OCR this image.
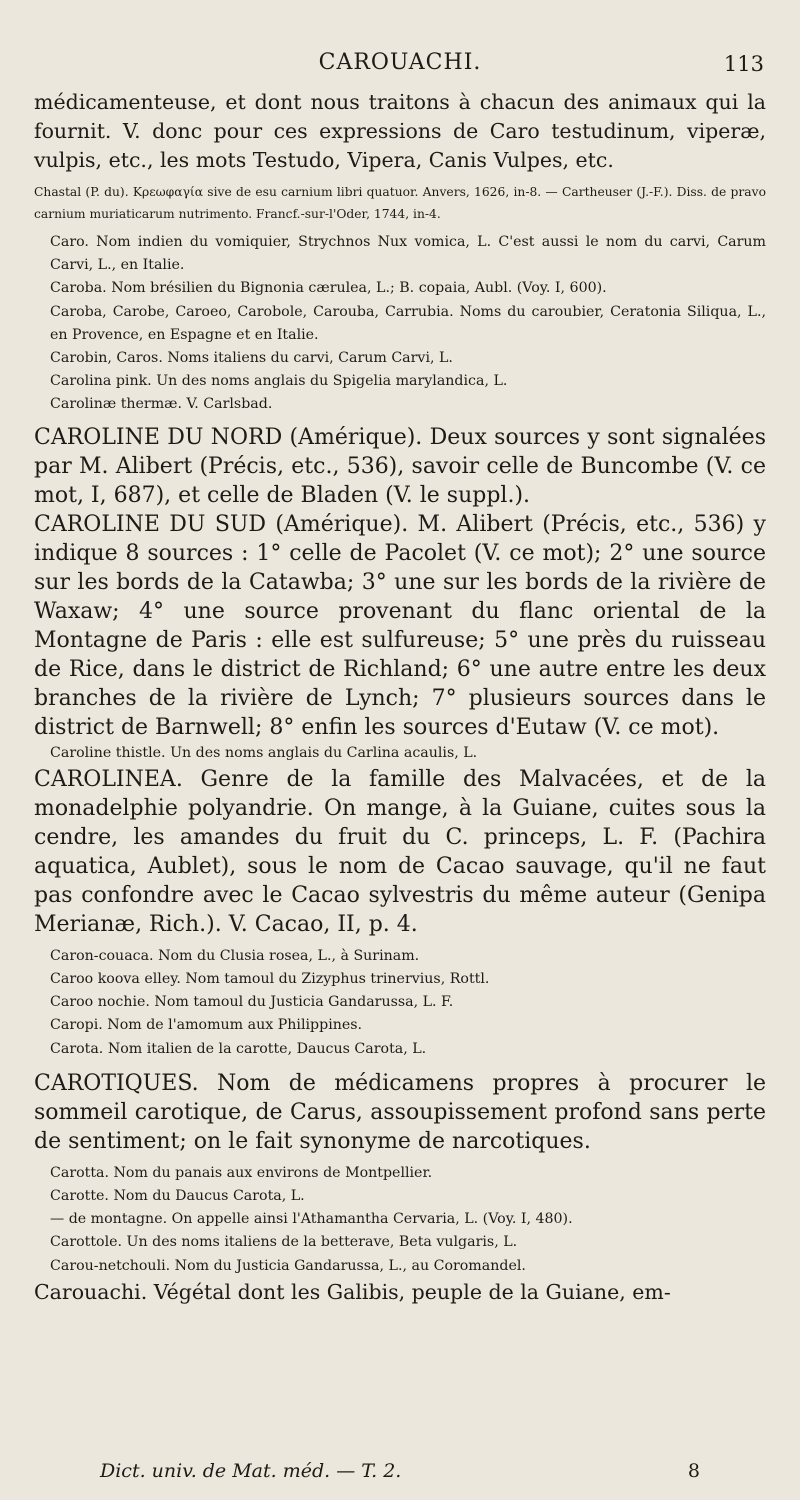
CAROUACHI.	113

médicamenteuse, et dont nous traitons à chacun des animaux qui la fournit. V. donc pour ces expressions de Caro testudinum, viperæ, vulpis, etc., les mots Testudo, Vipera, Canis Vulpes, etc.

Chastal (P. du). Κρεωφαγία sive de esu carnium libri quatuor. Anvers, 1626, in-8. — Cartheuser (J.-F.). Diss. de pravo carnium muriaticarum nutrimento. Francf.-sur-l'Oder, 1744, in-4.

Caro. Nom indien du vomiquier, Strychnos Nux vomica, L. C'est aussi le nom du carvi, Carum Carvi, L., en Italie.

Caroba. Nom brésilien du Bignonia cærulea, L.; B. copaia, Aubl. (Voy. I, 600).

Caroba, Carobe, Caroeo, Carobole, Carouba, Carrubia. Noms du caroubier, Ceratonia Siliqua, L., en Provence, en Espagne et en Italie.

Carobin, Caros. Noms italiens du carvi, Carum Carvi, L.

Carolina pink. Un des noms anglais du Spigelia marylandica, L.

Carolinæ thermæ. V. Carlsbad.

CAROLINE DU NORD (Amérique). Deux sources y sont signalées par M. Alibert (Précis, etc., 536), savoir celle de Buncombe (V. ce mot, I, 687), et celle de Bladen (V. le suppl.).

CAROLINE DU SUD (Amérique). M. Alibert (Précis, etc., 536) y indique 8 sources : 1° celle de Pacolet (V. ce mot); 2° une source sur les bords de la Catawba; 3° une sur les bords de la rivière de Waxaw; 4° une source provenant du flanc oriental de la Montagne de Paris : elle est sulfureuse; 5° une près du ruisseau de Rice, dans le district de Richland; 6° une autre entre les deux branches de la rivière de Lynch; 7° plusieurs sources dans le district de Barnwell; 8° enfin les sources d'Eutaw (V. ce mot).

Caroline thistle. Un des noms anglais du Carlina acaulis, L.

CAROLINEA. Genre de la famille des Malvacées, et de la monadelphie polyandrie. On mange, à la Guiane, cuites sous la cendre, les amandes du fruit du C. princeps, L. F. (Pachira aquatica, Aublet), sous le nom de Cacao sauvage, qu'il ne faut pas confondre avec le Cacao sylvestris du même auteur (Genipa Merianæ, Rich.). V. Cacao, II, p. 4.

Caron-couaca. Nom du Clusia rosea, L., à Surinam.

Caroo koova elley. Nom tamoul du Zizyphus trinervius, Rottl.

Caroo nochie. Nom tamoul du Justicia Gandarussa, L. F.

Caropi. Nom de l'amomum aux Philippines.

Carota. Nom italien de la carotte, Daucus Carota, L.

CAROTIQUES. Nom de médicamens propres à procurer le sommeil carotique, de Carus, assoupissement profond sans perte de sentiment; on le fait synonyme de narcotiques.

Carotta. Nom du panais aux environs de Montpellier.

Carotte. Nom du Daucus Carota, L.

— de montagne. On appelle ainsi l'Athamantha Cervaria, L. (Voy. I, 480).

Carottole. Un des noms italiens de la betterave, Beta vulgaris, L.

Carou-netchouli. Nom du Justicia Gandarussa, L., au Coromandel.

Carouachi. Végétal dont les Galibis, peuple de la Guiane, em-

Dict. univ. de Mat. méd. — T. 2.	8
